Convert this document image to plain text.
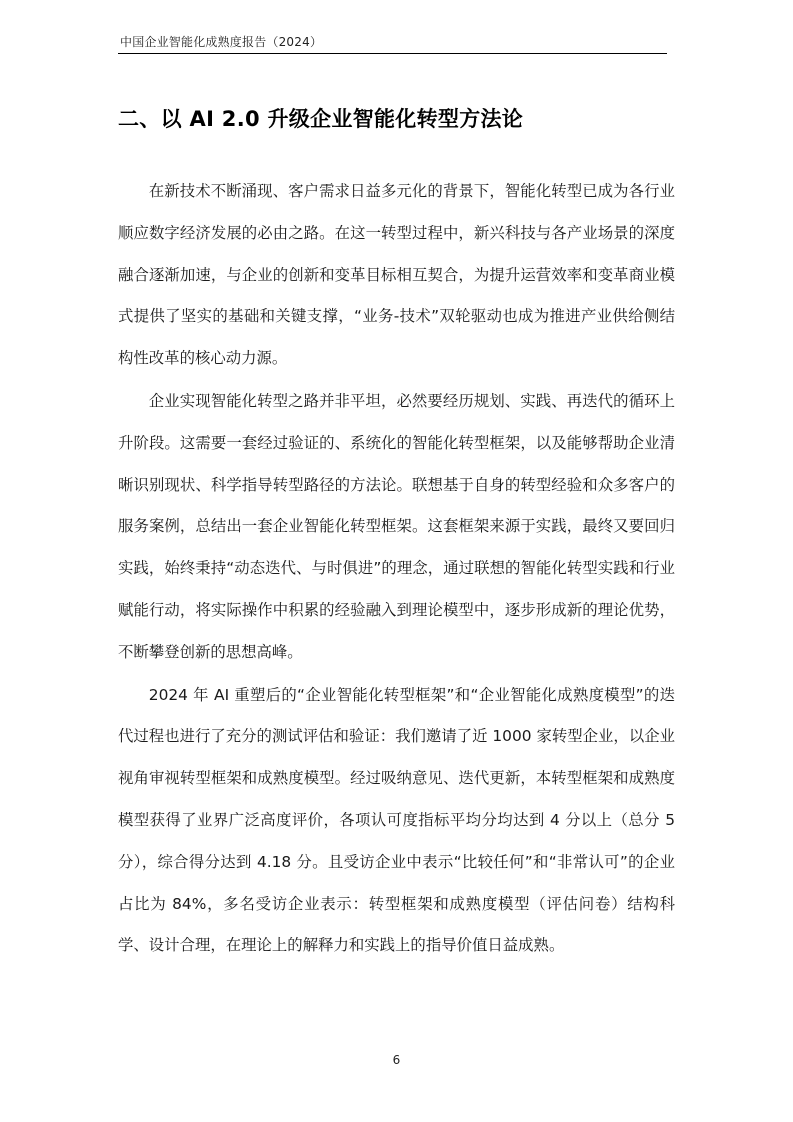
中国企业智能化成熟度报告（2024）
二、以 AI 2.0 升级企业智能化转型方法论

在新技术不断涌现、客户需求日益多元化的背景下，智能化转型已成为各行业顺应数字经济发展的必由之路。在这一转型过程中，新兴科技与各产业场景的深度融合逐渐加速，与企业的创新和变革目标相互契合，为提升运营效率和变革商业模式提供了坚实的基础和关键支撑，“业务-技术”双轮驱动也成为推进产业供给侧结构性改革的核心动力源。

企业实现智能化转型之路并非平坦，必然要经历规划、实践、再迭代的循环上升阶段。这需要一套经过验证的、系统化的智能化转型框架，以及能够帮助企业清晰识别现状、科学指导转型路径的方法论。联想基于自身的转型经验和众多客户的服务案例，总结出一套企业智能化转型框架。这套框架来源于实践，最终又要回归实践，始终秉持“动态迭代、与时俱进”的理念，通过联想的智能化转型实践和行业赋能行动，将实际操作中积累的经验融入到理论模型中，逐步形成新的理论优势，不断攀登创新的思想高峰。

2024 年 AI 重塑后的“企业智能化转型框架”和“企业智能化成熟度模型”的迭代过程也进行了充分的测试评估和验证：我们邀请了近 1000 家转型企业，以企业视角审视转型框架和成熟度模型。经过吸纳意见、迭代更新，本转型框架和成熟度模型获得了业界广泛高度评价，各项认可度指标平均分均达到 4 分以上（总分 5 分），综合得分达到 4.18 分。且受访企业中表示“比较任何”和“非常认可”的企业占比为 84%，多名受访企业表示：转型框架和成熟度模型（评估问卷）结构科学、设计合理，在理论上的解释力和实践上的指导价值日益成熟。

6
